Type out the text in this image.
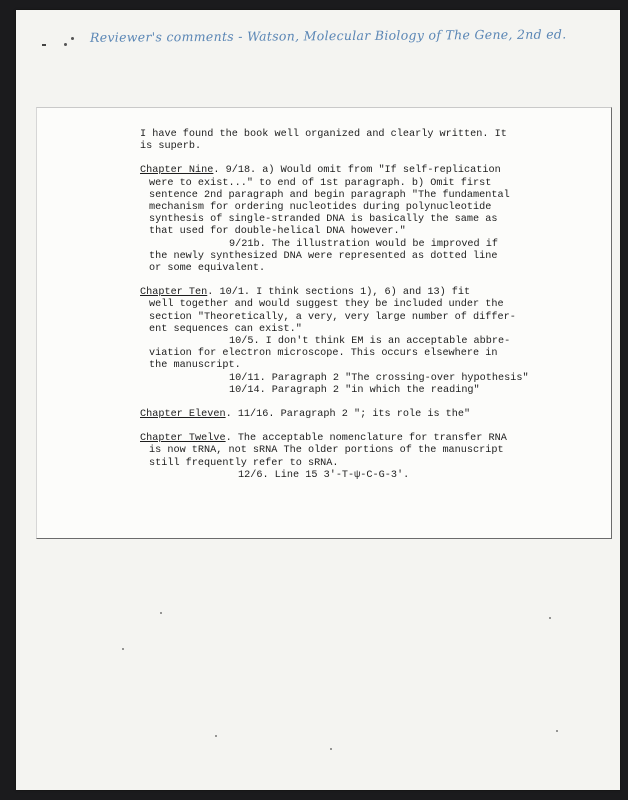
Reviewer's comments - Watson, Molecular Biology of The Gene, 2nd ed.
I have found the book well organized and clearly written. It
is superb.
Chapter Nine. 9/18. a) Would omit from "If self-replication
were to exist..." to end of 1st paragraph. b) Omit first
sentence 2nd paragraph and begin paragraph "The fundamental
mechanism for ordering nucleotides during polynucleotide
synthesis of single-stranded DNA is basically the same as
that used for double-helical DNA however."
9/21b. The illustration would be improved if
the newly synthesized DNA were represented as dotted line
or some equivalent.
Chapter Ten. 10/1. I think sections 1), 6) and 13) fit
well together and would suggest they be included under the
section "Theoretically, a very, very large number of differ-
ent sequences can exist."
10/5. I don't think EM is an acceptable abbre-
viation for electron microscope. This occurs elsewhere in
the manuscript.
10/11. Paragraph 2 "The crossing-over hypothesis"
10/14. Paragraph 2 "in which the reading"
Chapter Eleven. 11/16. Paragraph 2 "; its role is the"
Chapter Twelve. The acceptable nomenclature for transfer RNA
is now tRNA, not sRNA The older portions of the manuscript
still frequently refer to sRNA.
12/6. Line 15 3'-T-ψ-C-G-3'.
